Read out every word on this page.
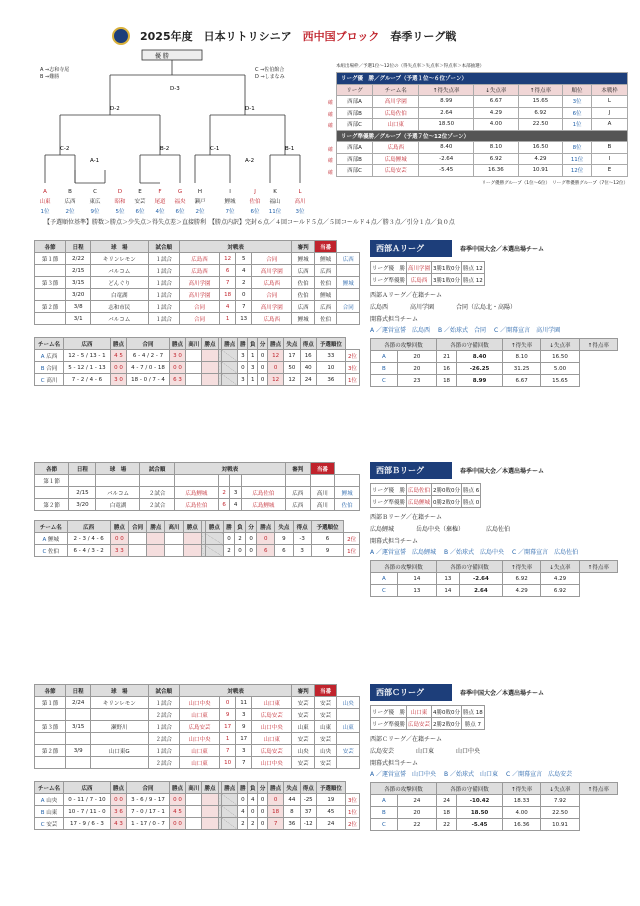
2025年度　 日本リトリシニア　 西中国ブロック　 春季リーグ戦
優 勝
A
山東
1位
B
広西
2位
C
東広
9位
D
昭和
5位
E
安芸
6位
F
尾道
4位
G
福央
6位
H
瀬戸
2位
I
鯉城
7位
J
佐伯
6位
K
福山
11位
L
高川
3位
D-3
D-2	D-1
C-2
A-1
B-2	C-1
A-2
B-1
A ⇒志和寺尾
B ⇒難勝
C ⇒佐伯館合
D ⇒しまなみ
本組出場枠／予選1位～12位の（得失点率＞失点率＞得点率＞本部抽選）
リーグ優　勝／グループ（予選１位～６位ゾーン）						
リーグ	チーム名	↑得失点率	↓失点率	↑得点率	順位	本戦枠
西部A	高川学園	8.99	6.67	15.65	3位	L
西部B	広島佐伯	2.64	4.29	6.92	6位	J
西部C	山口東	18.50	4.00	22.50	1位	A
リーグ準優勝／グループ（予選７位～12位ゾーン）						
西部A	広島西	8.40	8.10	16.50	8位	B
西部B	広島鯉城	-2.64	6.92	4.29	11位	I
西部C	広島安芸	-5.45	16.36	10.91	12位	E
リーグ優勝グループ（1位～6位）　リーグ準優勝グループ（7位～12位）
確
確
確
確
確
確
【予選順位基準】勝数＞勝点＞少失点＞得失点差＞直接勝利　【勝点内訳】完封６点／４回コールド５点／５回コールド４点／勝３点／引分１点／負０点
各節	日程	球　場	試合順	対戦表				審判	当番	
第１節	2/22	キリンレモン	１試合	広島西	12	5	合同	鯉城	鯉城	広西
	2/15	バルコム	１試合	広島西	6	4	高川学園	広西	広西	
第３節	3/15	どんぐり	１試合	高川学園	7	2	広島西	佐伯	佐伯	鯉城
	3/20	白竜湖	１試合	高川学園	18	0	合同	佐伯	鯉城	
第２節	3/8	志和市民	１試合	合同	4	7	高川学園	広西	広西	合同
	3/1	バルコム	１試合	合同	1	13	広島西	鯉城	佐伯	
チーム名	広西	勝点	合同	勝点	高川	勝点		勝点	勝	負	分	勝点	失点	得点	予選順位	
A 広西	12 - 5 / 13 - 1	4 5	6 - 4 / 2 - 7	3 0					3	1	0	12	17	16	33	2位
B 合同	5 - 12 / 1 - 13	0 0	4 - 7 / 0 - 18	0 0					0	3	0	0	50	40	10	3位
C 高川	7 - 2 / 4 - 6	3 0	18 - 0 / 7 - 4	6 3					3	1	0	12	12	24	36	1位
西部Ａリーグ	春季中国大会／本選出場チーム
リーグ優　勝	高川学園	3勝1敗0分	勝点 12
リーグ準優勝	広島西	3勝1敗0分	勝点 12
西部Ａリーグ／在籍チーム
広島西	高川学園	合同（広島北・高陽）
開幕式担当チーム
A ／運営宣誓　広島西 B ／始球式　合同 C ／開幕宣言　高川学園
各節の攻撃回数		各節の守備回数		↑得失率	↓失点率	↑得点率
A	20	21	8.40	8.10	16.50	
B	20	16	-26.25	31.25	5.00	
C	23	18	8.99	6.67	15.65	
各節	日程	球　場	試合順	対戦表				審判	当番	
第１節										
	2/15	バルコム	２試合	広島鯉城	2	3	広島佐伯	広西	高川	鯉城
第２節	3/20	白竜湖	２試合	広島佐伯	6	4	広島鯉城	広西	高川	佐伯
チーム名	広西	勝点	合同	勝点	高川	勝点		勝点	勝	負	分	勝点	失点	得点	予選順位	
A 鯉城	2 - 3 / 4 - 6	0 0							0	2	0	0	9	-3	6	2位
C 佐伯	6 - 4 / 3 - 2	3 3							2	0	0	6	6	3	9	1位
西部Ｂリーグ	春季中国大会／本選出場チーム
リーグ優　勝	広島佐伯	2勝0敗0分	勝点 6
リーグ準優勝	広島鯉城	0勝2敗0分	勝点 0
西部Ｂリーグ／在籍チーム
広島鯉城	岳島中央（棄権）	広島佐伯
開幕式担当チーム
A ／運営宣誓　広島鯉城 B ／始球式　広島中央 C ／開幕宣言　広島佐伯
各節の攻撃回数		各節の守備回数		↑得失率	↓失点率	↑得点率
A	14	13	-2.64	6.92	4.29	
C	13	14	2.64	4.29	6.92	
各節	日程	球　場	試合順	対戦表				審判	当番	
第１節	2/24	キリンレモン	１試合	山口中央	0	11	山口東	安芸	安芸	山央
			２試合	山口東	9	3	広島安芸	安芸	安芸	
第３節	3/15	瀬野川	１試合	広島安芸	17	9	山口中央	山東	山東	山東
			２試合	山口中央	1	17	山口東	安芸	安芸	
第２節	3/9	山口東G	１試合	山口東	7	3	広島安芸	山央	山央	安芸
			２試合	山口東	10	7	山口中央	安芸	安芸	
チーム名	広西	勝点	合同	勝点	高川	勝点		勝点	勝	負	分	勝点	失点	得点	予選順位	
A 山央	0 - 11 / 7 - 10	0 0	3 - 6 / 9 - 17	0 0					0	4	0	0	44	-25	19	3位
B 山東	10 - 7 / 11 - 0	3 6	7 - 0 / 17 - 1	4 5					4	0	0	18	8	37	45	1位
C 安芸	17 - 9 / 6 - 3	4 3	1 - 17 / 0 - 7	0 0					2	2	0	7	36	-12	24	2位
西部Ｃリーグ	春季中国大会／本選出場チーム
リーグ優　勝	山口東	4勝0敗0分	勝点 18
リーグ準優勝	広島安芸	2勝2敗0分	勝点 7
西部Ｃリーグ／在籍チーム
広島安芸	山口東	山口中央
開幕式担当チーム
A ／運営宣誓　山口中央 B ／始球式　山口東 C ／開幕宣言　広島安芸
各節の攻撃回数		各節の守備回数		↑得失率	↓失点率	↑得点率
A	24	24	-10.42	18.33	7.92	
B	20	18	18.50	4.00	22.50	
C	22	22	-5.45	16.36	10.91	
